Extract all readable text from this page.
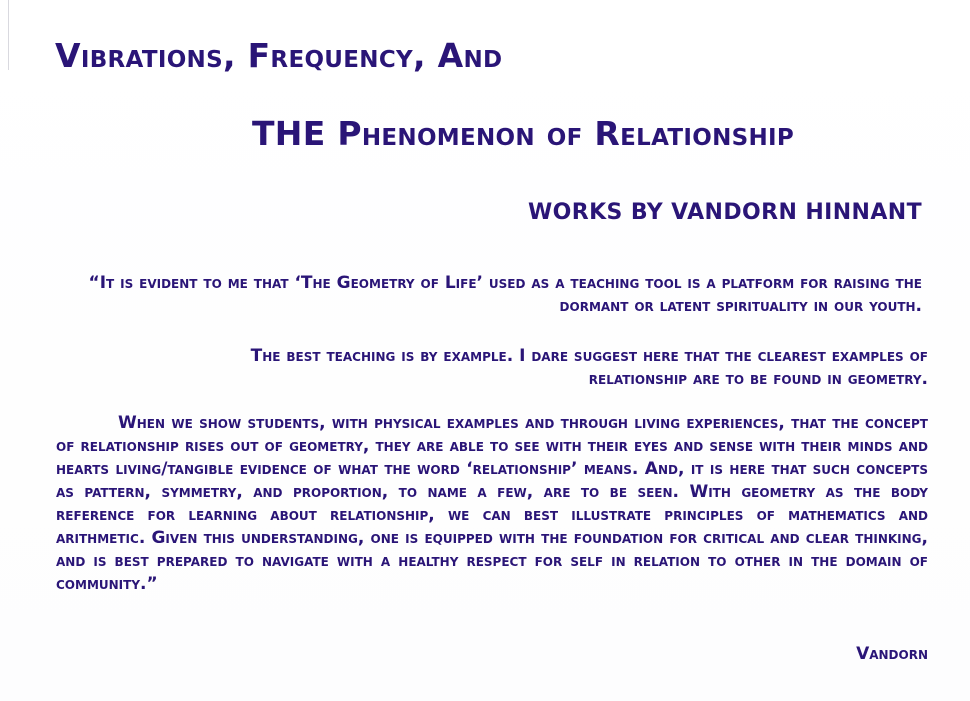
Vibrations, Frequency, And
THE Phenomenon of Relationship
WORKS BY VANDORN HINNANT

“It is evident to me that ‘The Geometry of Life’ used as a teaching tool is a platform for raising the dormant or latent spirituality in our youth.

The best teaching is by example. I dare suggest here that the clearest examples of relationship are to be found in geometry.

When we show students, with physical examples and through living experiences, that the concept of relationship rises out of geometry, they are able to see with their eyes and sense with their minds and hearts living/tangible evidence of what the word ‘relationship’ means. And, it is here that such concepts as pattern, symmetry, and proportion, to name a few, are to be seen. With geometry as the body reference for learning about relationship, we can best illustrate principles of mathematics and arithmetic. Given this understanding, one is equipped with the foundation for critical and clear thinking, and is best prepared to navigate with a healthy respect for self in relation to other in the domain of community.”

Vandorn
